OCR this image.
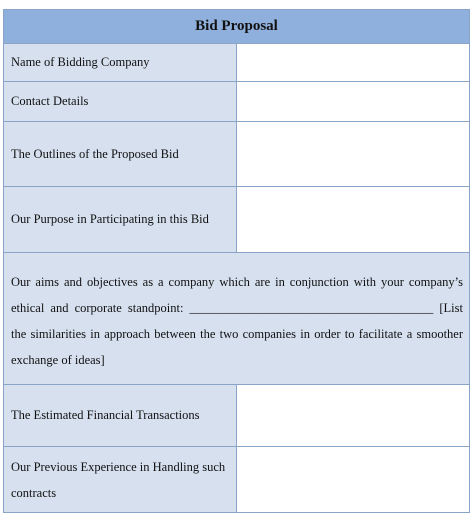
Bid Proposal	
Name of Bidding Company	
Contact Details	
The Outlines of the Proposed Bid	
Our Purpose in Participating in this Bid	

Our aims and objectives as a company which are in conjunction with your company’s ethical and corporate standpoint: _______________________________________ [List the similarities in approach between the two companies in order to facilitate a smoother exchange of ideas]	

The Estimated Financial Transactions	
Our Previous Experience in Handling such contracts	
